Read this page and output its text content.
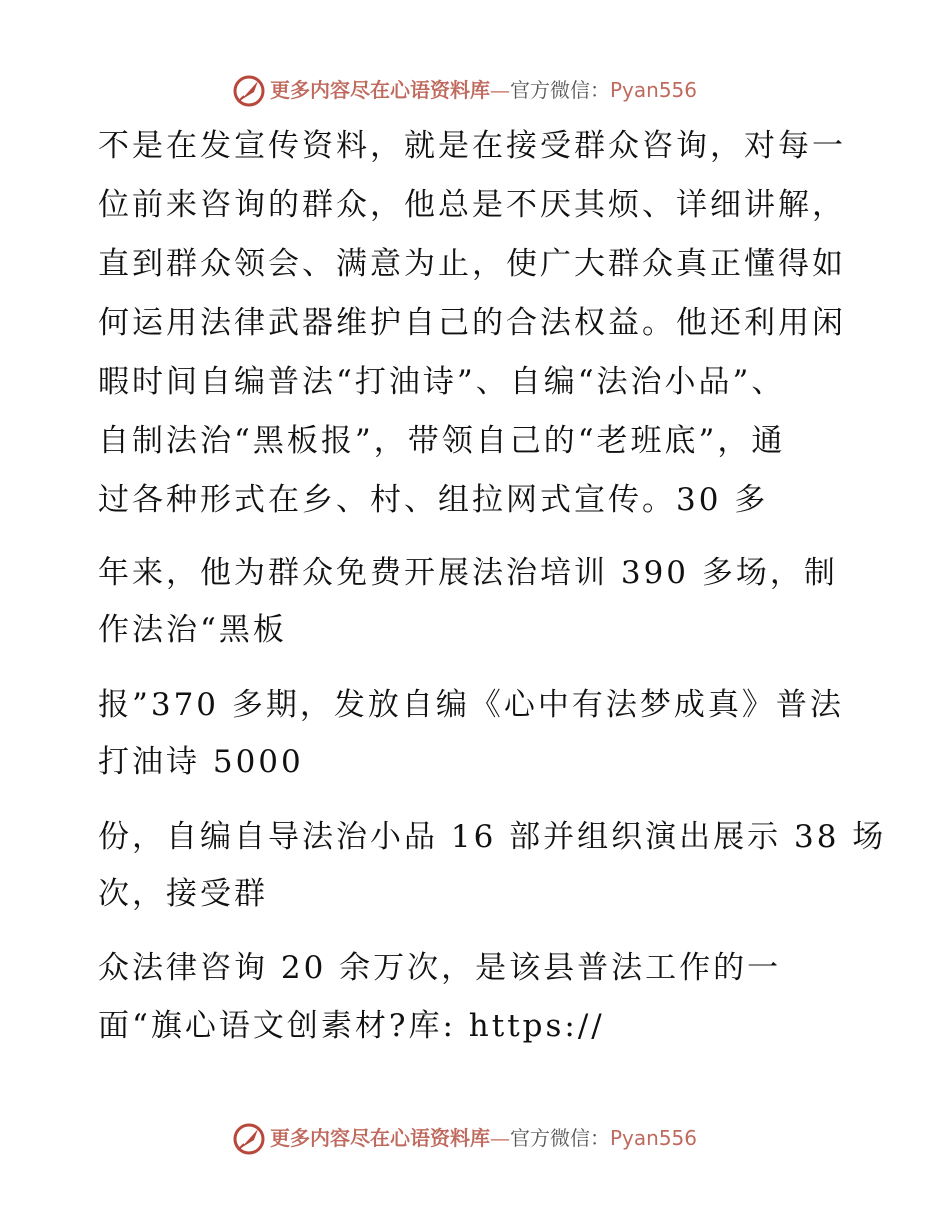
更多内容尽在心语资料库—官方微信：Pyan556
不是在发宣传资料，就是在接受群众咨询，对每一
位前来咨询的群众，他总是不厌其烦、详细讲解，
直到群众领会、满意为止，使广大群众真正懂得如
何运用法律武器维护自己的合法权益。他还利用闲
暇时间自编普法“打油诗”、自编“法治小品”、
自制法治“黑板报”，带领自己的“老班底”，通
过各种形式在乡、村、组拉网式宣传。30 多
年来，他为群众免费开展法治培训 390 多场，制
作法治“黑板
报”370 多期，发放自编《心中有法梦成真》普法
打油诗 5000
份，自编自导法治小品 16 部并组织演出展示 38 场
次，接受群
众法律咨询 20 余万次，是该县普法工作的一
面“旗心语文创素材?库: https://
更多内容尽在心语资料库—官方微信：Pyan556
